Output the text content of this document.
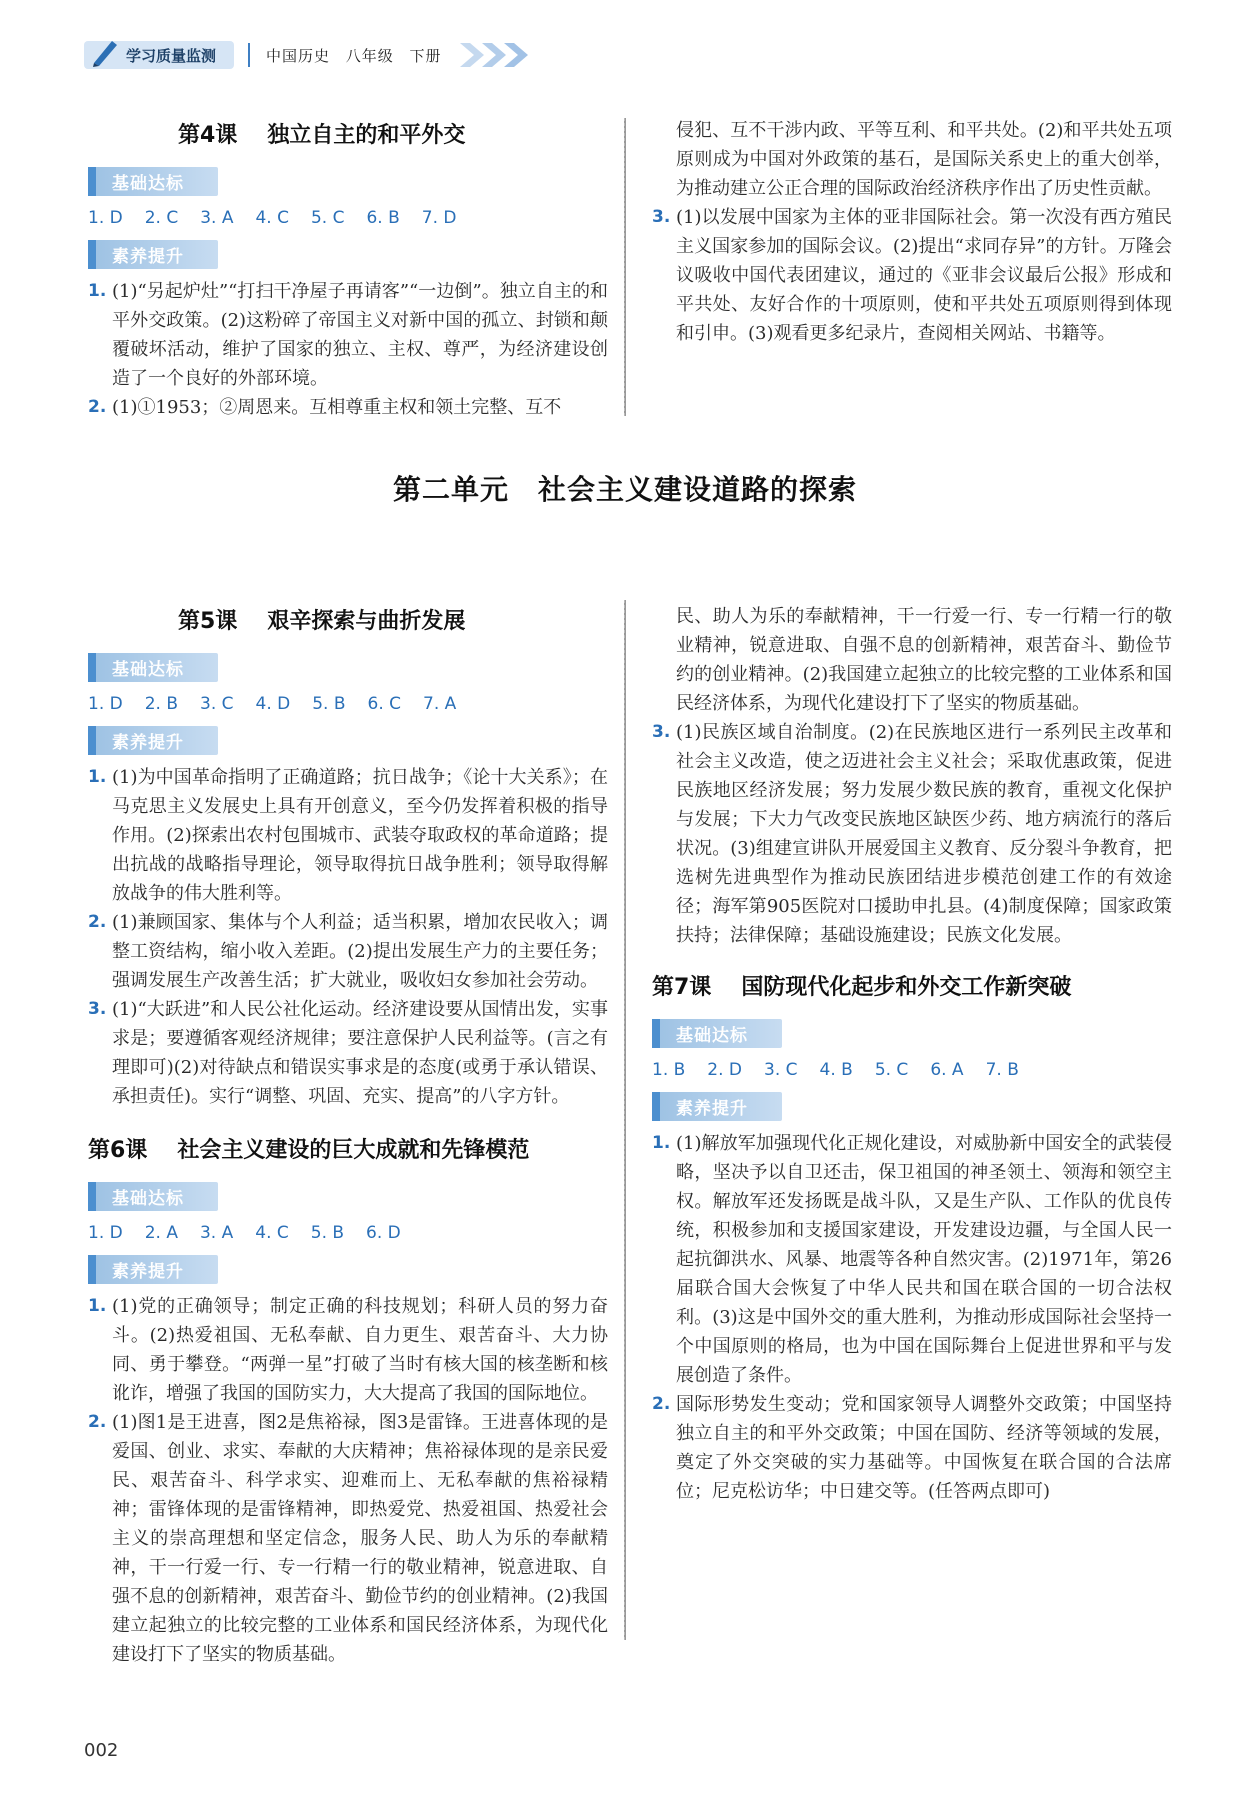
学习质量监测	中国历史 八年级 下册
第4课 独立自主的和平外交
基础达标
1. D 2. C 3. A 4. C 5. C 6. B 7. D
素养提升

1. (1)“另起炉灶”“打扫干净屋子再请客”“一边倒”。独立自主的和平外交政策。(2)这粉碎了帝国主义对新中国的孤立、封锁和颠覆破坏活动，维护了国家的独立、主权、尊严，为经济建设创造了一个良好的外部环境。

2. (1)①1953；②周恩来。互相尊重主权和领土完整、互不

侵犯、互不干涉内政、平等互利、和平共处。(2)和平共处五项原则成为中国对外政策的基石，是国际关系史上的重大创举，为推动建立公正合理的国际政治经济秩序作出了历史性贡献。

3. (1)以发展中国家为主体的亚非国际社会。第一次没有西方殖民主义国家参加的国际会议。(2)提出“求同存异”的方针。万隆会议吸收中国代表团建议，通过的《亚非会议最后公报》形成和平共处、友好合作的十项原则，使和平共处五项原则得到体现和引申。(3)观看更多纪录片，查阅相关网站、书籍等。

第二单元　社会主义建设道路的探索
第5课 艰辛探索与曲折发展
基础达标
1. D 2. B 3. C 4. D 5. B 6. C 7. A
素养提升

1. (1)为中国革命指明了正确道路；抗日战争；《论十大关系》；在马克思主义发展史上具有开创意义，至今仍发挥着积极的指导作用。(2)探索出农村包围城市、武装夺取政权的革命道路；提出抗战的战略指导理论，领导取得抗日战争胜利；领导取得解放战争的伟大胜利等。

2. (1)兼顾国家、集体与个人利益；适当积累，增加农民收入；调整工资结构，缩小收入差距。(2)提出发展生产力的主要任务；强调发展生产改善生活；扩大就业，吸收妇女参加社会劳动。

3. (1)“大跃进”和人民公社化运动。经济建设要从国情出发，实事求是；要遵循客观经济规律；要注意保护人民利益等。(言之有理即可)(2)对待缺点和错误实事求是的态度(或勇于承认错误、承担责任)。实行“调整、巩固、充实、提高”的八字方针。

第6课 社会主义建设的巨大成就和先锋模范
基础达标
1. D 2. A 3. A 4. C 5. B 6. D
素养提升

1. (1)党的正确领导；制定正确的科技规划；科研人员的努力奋斗。(2)热爱祖国、无私奉献、自力更生、艰苦奋斗、大力协同、勇于攀登。“两弹一星”打破了当时有核大国的核垄断和核讹诈，增强了我国的国防实力，大大提高了我国的国际地位。

2. (1)图1是王进喜，图2是焦裕禄，图3是雷锋。王进喜体现的是爱国、创业、求实、奉献的大庆精神；焦裕禄体现的是亲民爱民、艰苦奋斗、科学求实、迎难而上、无私奉献的焦裕禄精神；雷锋体现的是雷锋精神，即热爱党、热爱祖国、热爱社会主义的崇高理想和坚定信念，服务人民、助人为乐的奉献精神，干一行爱一行、专一行精一行的敬业精神，锐意进取、自强不息的创新精神，艰苦奋斗、勤俭节约的创业精神。(2)我国建立起独立的比较完整的工业体系和国民经济体系，为现代化建设打下了坚实的物质基础。

民、助人为乐的奉献精神，干一行爱一行、专一行精一行的敬业精神，锐意进取、自强不息的创新精神，艰苦奋斗、勤俭节约的创业精神。(2)我国建立起独立的比较完整的工业体系和国民经济体系，为现代化建设打下了坚实的物质基础。

3. (1)民族区域自治制度。(2)在民族地区进行一系列民主改革和社会主义改造，使之迈进社会主义社会；采取优惠政策，促进民族地区经济发展；努力发展少数民族的教育，重视文化保护与发展；下大力气改变民族地区缺医少药、地方病流行的落后状况。(3)组建宣讲队开展爱国主义教育、反分裂斗争教育，把选树先进典型作为推动民族团结进步模范创建工作的有效途径；海军第905医院对口援助申扎县。(4)制度保障；国家政策扶持；法律保障；基础设施建设；民族文化发展。

第7课 国防现代化起步和外交工作新突破
基础达标
1. B 2. D 3. C 4. B 5. C 6. A 7. B
素养提升

1. (1)解放军加强现代化正规化建设，对威胁新中国安全的武装侵略，坚决予以自卫还击，保卫祖国的神圣领土、领海和领空主权。解放军还发扬既是战斗队，又是生产队、工作队的优良传统，积极参加和支援国家建设，开发建设边疆，与全国人民一起抗御洪水、风暴、地震等各种自然灾害。(2)1971年，第26届联合国大会恢复了中华人民共和国在联合国的一切合法权利。(3)这是中国外交的重大胜利，为推动形成国际社会坚持一个中国原则的格局，也为中国在国际舞台上促进世界和平与发展创造了条件。

2. 国际形势发生变动；党和国家领导人调整外交政策；中国坚持独立自主的和平外交政策；中国在国防、经济等领域的发展，奠定了外交突破的实力基础等。中国恢复在联合国的合法席位；尼克松访华；中日建交等。(任答两点即可)

002
